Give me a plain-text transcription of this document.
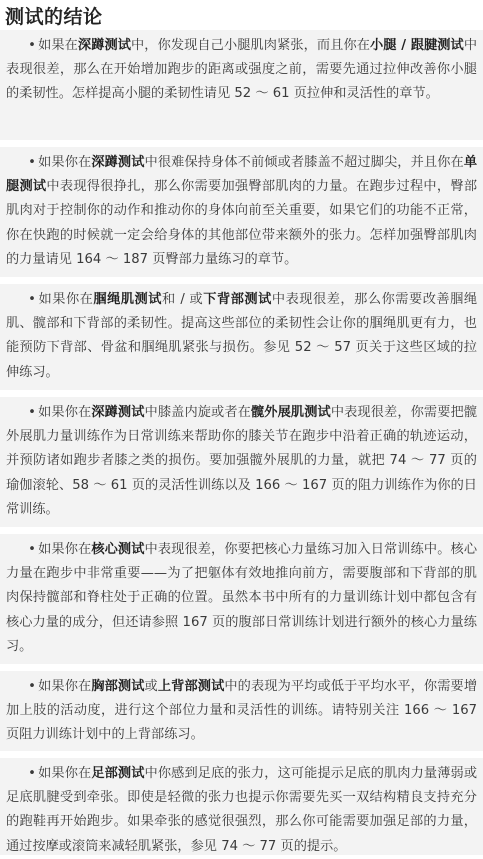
测试的结论
• 如果在深蹲测试中，你发现自己小腿肌肉紧张，而且你在小腿 / 跟腱测试中表现很差，那么在开始增加跑步的距离或强度之前，需要先通过拉伸改善你小腿的柔韧性。怎样提高小腿的柔韧性请见 52 ～ 61 页拉伸和灵活性的章节。
• 如果你在深蹲测试中很难保持身体不前倾或者膝盖不超过脚尖，并且你在单腿测试中表现得很挣扎，那么你需要加强臀部肌肉的力量。在跑步过程中，臀部肌肉对于控制你的动作和推动你的身体向前至关重要，如果它们的功能不正常，你在快跑的时候就一定会给身体的其他部位带来额外的张力。怎样加强臀部肌肉的力量请见 164 ～ 187 页臀部力量练习的章节。
• 如果你在腘绳肌测试和 / 或下背部测试中表现很差，那么你需要改善腘绳肌、髋部和下背部的柔韧性。提高这些部位的柔韧性会让你的腘绳肌更有力，也能预防下背部、骨盆和腘绳肌紧张与损伤。参见 52 ～ 57 页关于这些区域的拉伸练习。
• 如果你在深蹲测试中膝盖内旋或者在髋外展肌测试中表现很差，你需要把髋外展肌力量训练作为日常训练来帮助你的膝关节在跑步中沿着正确的轨迹运动，并预防诸如跑步者膝之类的损伤。要加强髋外展肌的力量，就把 74 ～ 77 页的瑜伽滚轮、58 ～ 61 页的灵活性训练以及 166 ～ 167 页的阻力训练作为你的日常训练。
• 如果你在核心测试中表现很差，你要把核心力量练习加入日常训练中。核心力量在跑步中非常重要——为了把躯体有效地推向前方，需要腹部和下背部的肌肉保持髋部和脊柱处于正确的位置。虽然本书中所有的力量训练计划中都包含有核心力量的成分，但还请参照 167 页的腹部日常训练计划进行额外的核心力量练习。
• 如果你在胸部测试或上背部测试中的表现为平均或低于平均水平，你需要增加上肢的活动度，进行这个部位力量和灵活性的训练。请特别关注 166 ～ 167 页阻力训练计划中的上背部练习。
• 如果你在足部测试中你感到足底的张力，这可能提示足底的肌肉力量薄弱或足底肌腱受到牵张。即使是轻微的张力也提示你需要先买一双结构精良支持充分的跑鞋再开始跑步。如果牵张的感觉很强烈，那么你可能需要加强足部的力量，通过按摩或滚筒来减轻肌紧张，参见 74 ～ 77 页的提示。
